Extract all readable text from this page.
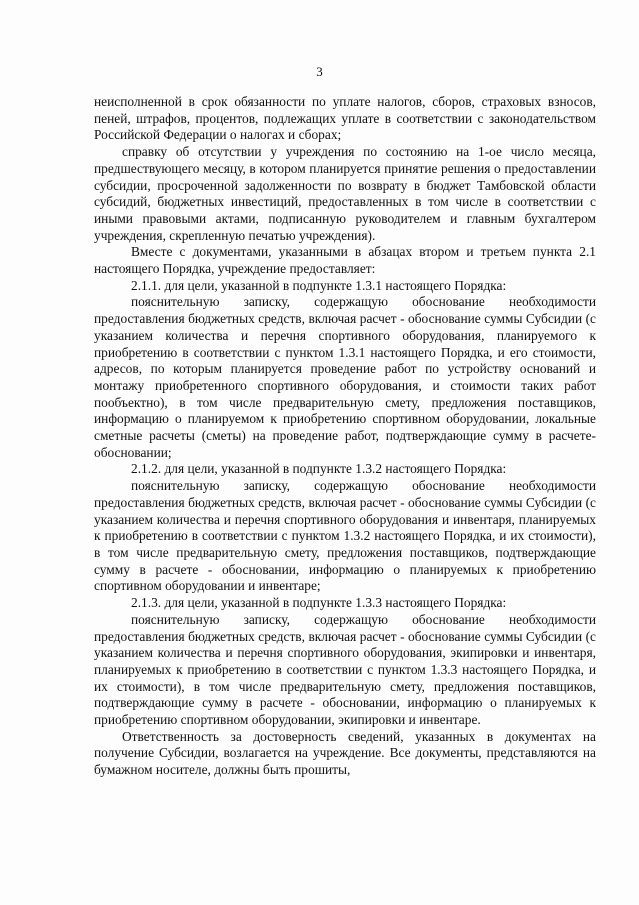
3

неисполненной в срок обязанности по уплате налогов, сборов, страховых взносов, пеней, штрафов, процентов, подлежащих уплате в соответствии с законодательством Российской Федерации о налогах и сборах;

справку об отсутствии у учреждения по состоянию на 1-ое число месяца, предшествующего месяцу, в котором планируется принятие решения о предоставлении субсидии, просроченной задолженности по возврату в бюджет Тамбовской области субсидий, бюджетных инвестиций, предоставленных в том числе в соответствии с иными правовыми актами, подписанную руководителем и главным бухгалтером учреждения, скрепленную печатью учреждения).

Вместе с документами, указанными в абзацах втором и третьем пункта 2.1 настоящего Порядка, учреждение предоставляет:

2.1.1. для цели, указанной в подпункте 1.3.1 настоящего Порядка:

пояснительную записку, содержащую обоснование необходимости предоставления бюджетных средств, включая расчет - обоснование суммы Субсидии (с указанием количества и перечня спортивного оборудования, планируемого к приобретению в соответствии с пунктом 1.3.1 настоящего Порядка, и его стоимости, адресов, по которым планируется проведение работ по устройству оснований и монтажу приобретенного спортивного оборудования, и стоимости таких работ пообъектно), в том числе предварительную смету, предложения поставщиков, информацию о планируемом к приобретению спортивном оборудовании, локальные сметные расчеты (сметы) на проведение работ, подтверждающие сумму в расчете-обосновании;

2.1.2. для цели, указанной в подпункте 1.3.2 настоящего Порядка:

пояснительную записку, содержащую обоснование необходимости предоставления бюджетных средств, включая расчет - обоснование суммы Субсидии (с указанием количества и перечня спортивного оборудования и инвентаря, планируемых к приобретению в соответствии с пунктом 1.3.2 настоящего Порядка, и их стоимости), в том числе предварительную смету, предложения поставщиков, подтверждающие сумму в расчете - обосновании, информацию о планируемых к приобретению спортивном оборудовании и инвентаре;

2.1.3. для цели, указанной в подпункте 1.3.3 настоящего Порядка:

пояснительную записку, содержащую обоснование необходимости предоставления бюджетных средств, включая расчет - обоснование суммы Субсидии (с указанием количества и перечня спортивного оборудования, экипировки и инвентаря, планируемых к приобретению в соответствии с пунктом 1.3.3 настоящего Порядка, и их стоимости), в том числе предварительную смету, предложения поставщиков, подтверждающие сумму в расчете - обосновании, информацию о планируемых к приобретению спортивном оборудовании, экипировки и инвентаре.

Ответственность за достоверность сведений, указанных в документах на получение Субсидии, возлагается на учреждение. Все документы, представляются на бумажном носителе, должны быть прошиты,
